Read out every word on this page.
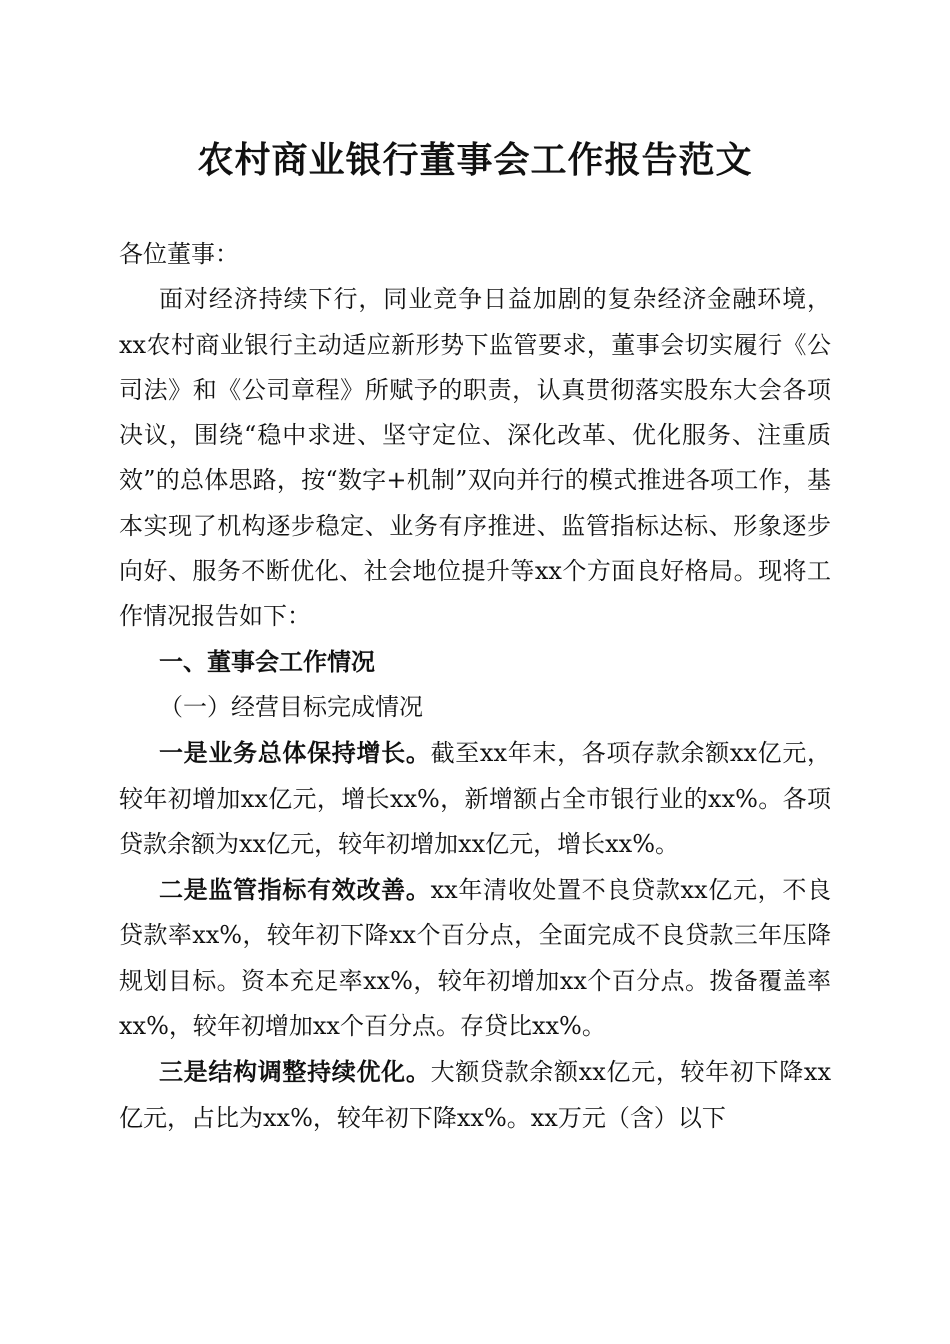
农村商业银行董事会工作报告范文

各位董事：

面对经济持续下行，同业竞争日益加剧的复杂经济金融环境，xx农村商业银行主动适应新形势下监管要求，董事会切实履行《公司法》和《公司章程》所赋予的职责，认真贯彻落实股东大会各项决议，围绕“稳中求进、坚守定位、深化改革、优化服务、注重质效”的总体思路，按“数字+机制”双向并行的模式推进各项工作，基本实现了机构逐步稳定、业务有序推进、监管指标达标、形象逐步向好、服务不断优化、社会地位提升等xx个方面良好格局。现将工作情况报告如下：

一、董事会工作情况

（一）经营目标完成情况

一是业务总体保持增长。截至xx年末，各项存款余额xx亿元，较年初增加xx亿元，增长xx%，新增额占全市银行业的xx%。各项贷款余额为xx亿元，较年初增加xx亿元，增长xx%。

二是监管指标有效改善。xx年清收处置不良贷款xx亿元，不良贷款率xx%，较年初下降xx个百分点，全面完成不良贷款三年压降规划目标。资本充足率xx%，较年初增加xx个百分点。拨备覆盖率xx%，较年初增加xx个百分点。存贷比xx%。

三是结构调整持续优化。大额贷款余额xx亿元，较年初下降xx亿元，占比为xx%，较年初下降xx%。xx万元（含）以下
